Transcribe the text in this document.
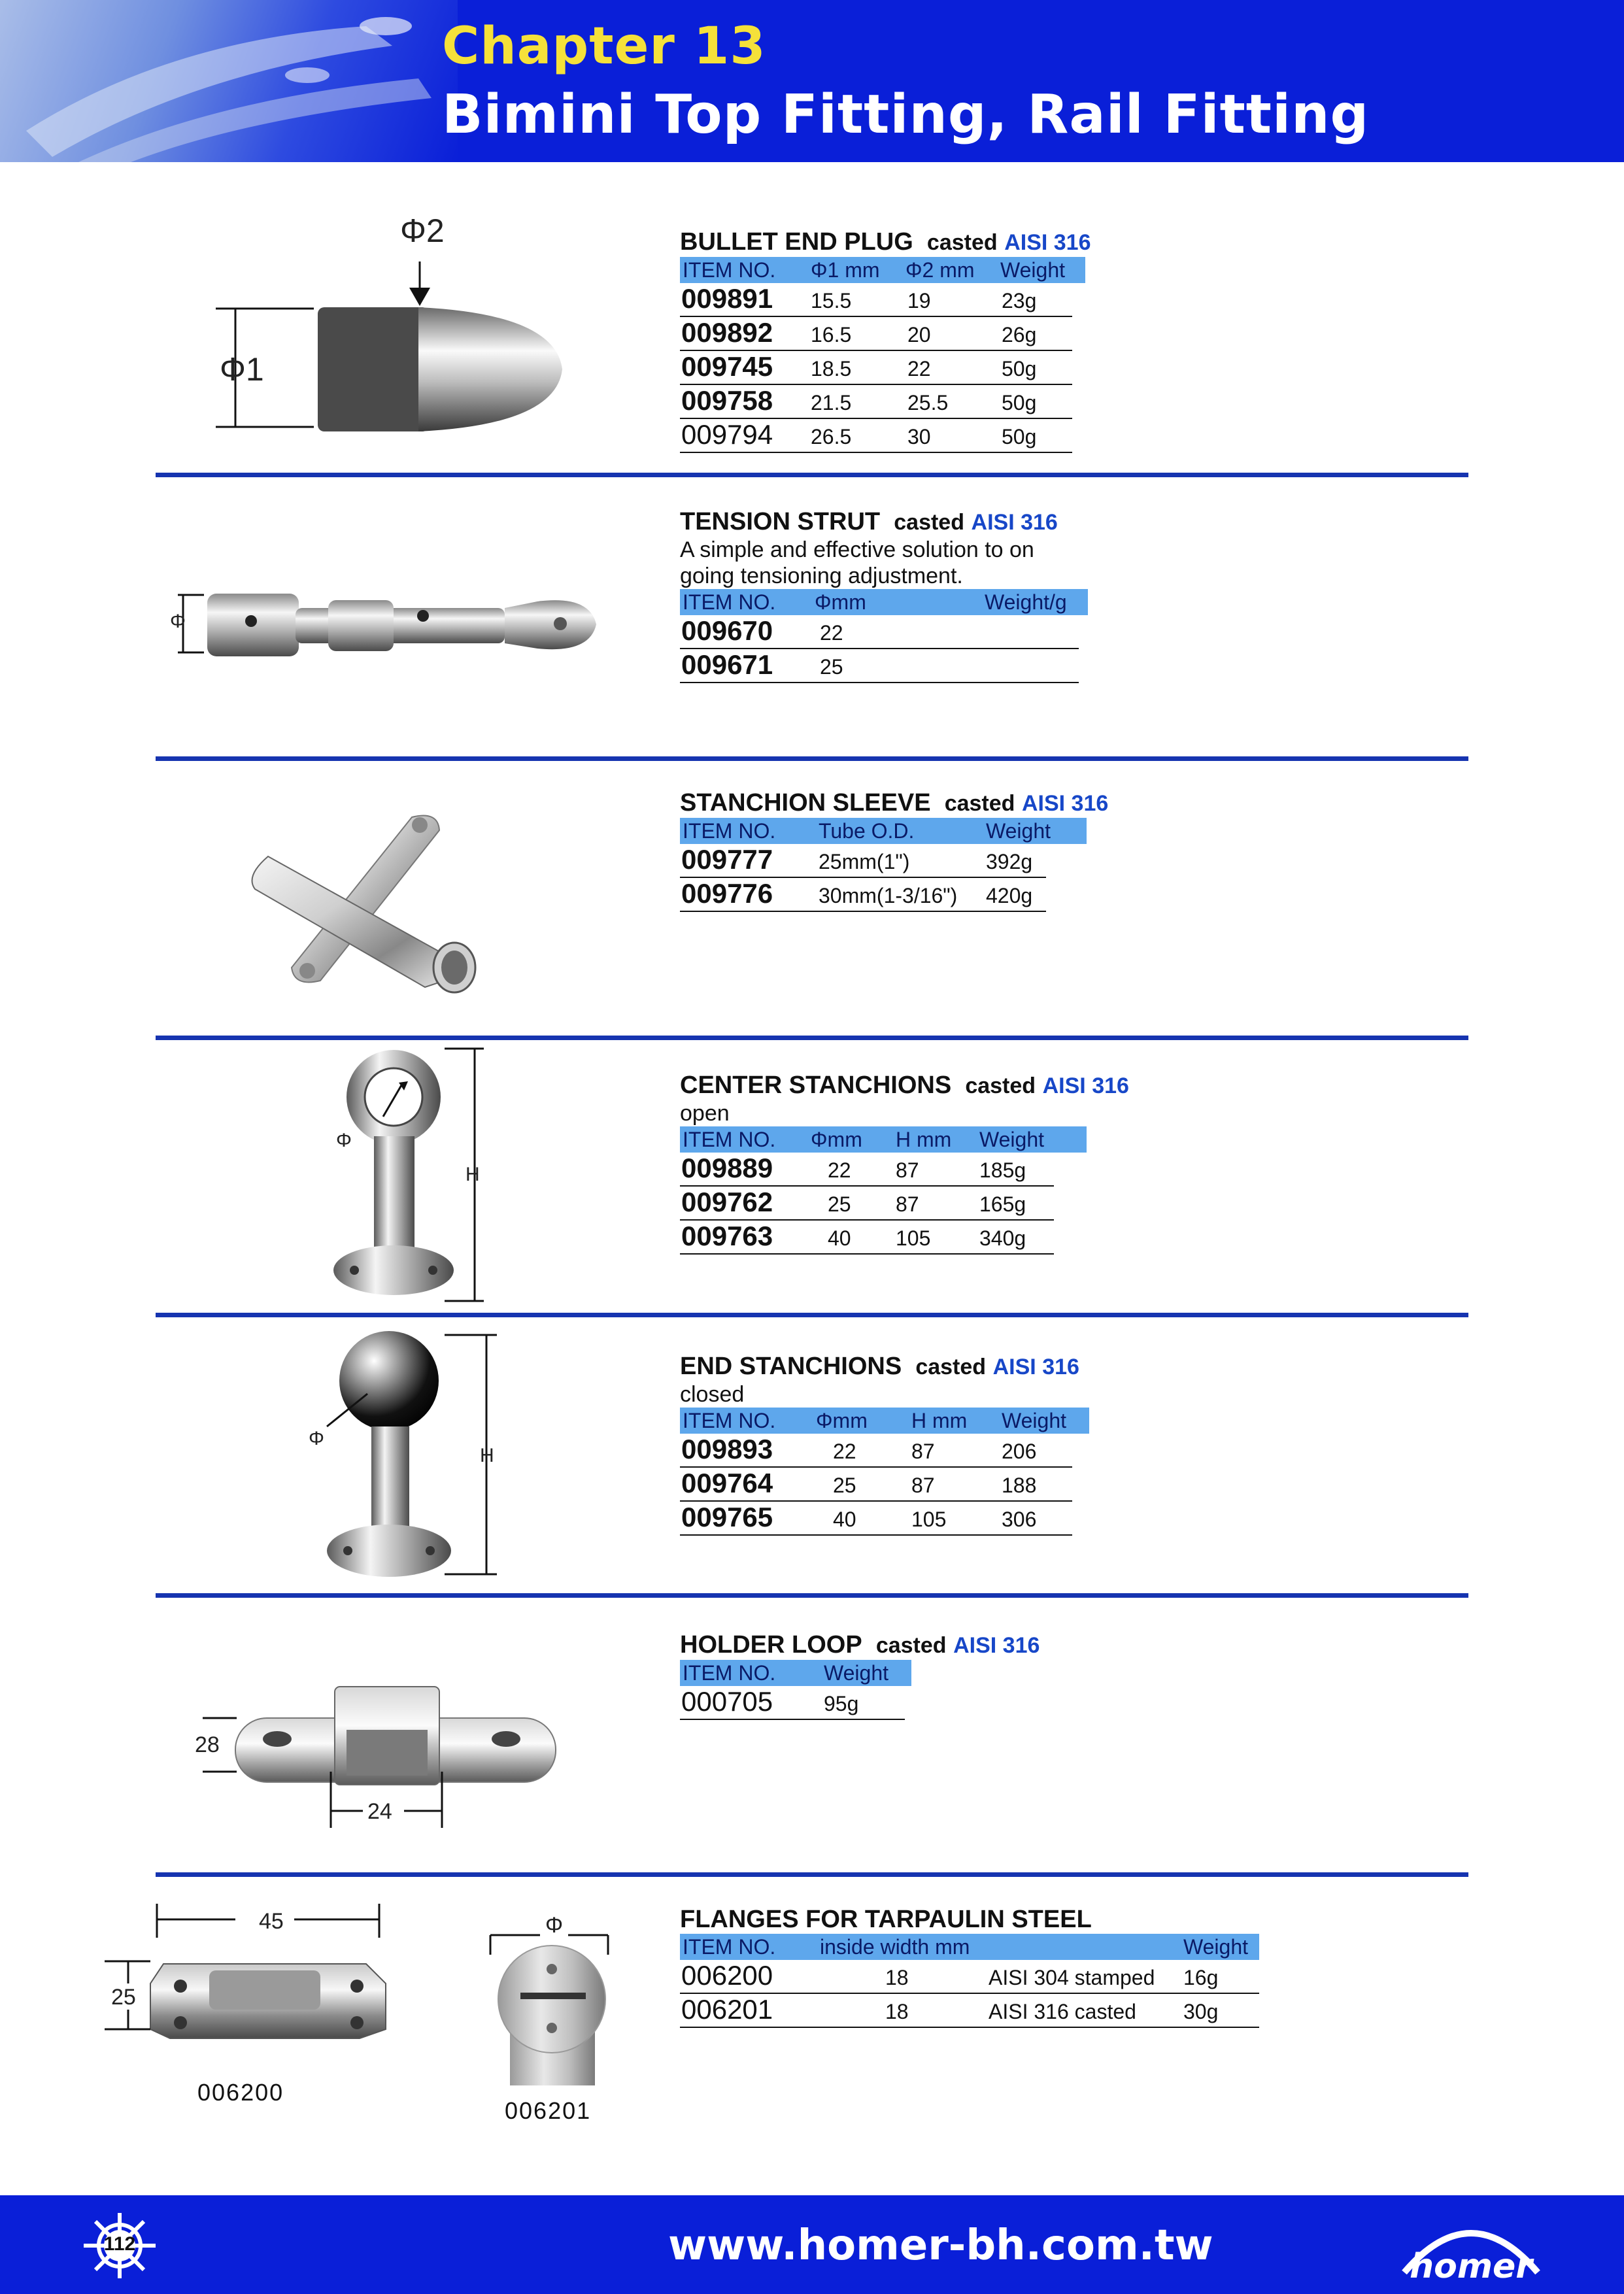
Chapter 13
Bimini Top Fitting, Rail Fitting
Φ1
Φ2	BULLET END PLUG casted AISI 316
ITEM NO. Φ1 mm Φ2 mm Weight
009891 15.5	19	23g
009892 16.5	20	26g
009745 18.5	22	50g
009758 21.5	25.5	50g
009794 26.5	30	50g
Φ
TENSION STRUT casted AISI 316
A simple and effective solution to on
going tensioning adjustment.
ITEM NO. Φmm	Weight/g
009670 22
009671 25
STANCHION SLEEVE casted AISI 316
ITEM NO. Tube O.D.	Weight
009777 25mm(1")	392g
009776 30mm(1-3/16") 420g
Φ
H
CENTER STANCHIONS casted AISI 316
open
ITEM NO. Φmm H mm Weight
009889	22 87	185g
009762	25 87	165g
009763	40 105 340g
Φ
H
END STANCHIONS casted AISI 316
closed
ITEM NO. Φmm H mm Weight
009893	22	87	206
009764	25	87	188
009765	40	105	306
28
24
HOLDER LOOP casted AISI 316
ITEM NO. Weight
000705 95g
45
25
006200
Φ
006201
FLANGES FOR TARPAULIN STEEL
ITEM NO. inside width mm	Weight
006200	18	AISI 304 stamped 16g
006201	18	AISI 316 casted 30g
112	www.homer-bh.com.tw	homer
